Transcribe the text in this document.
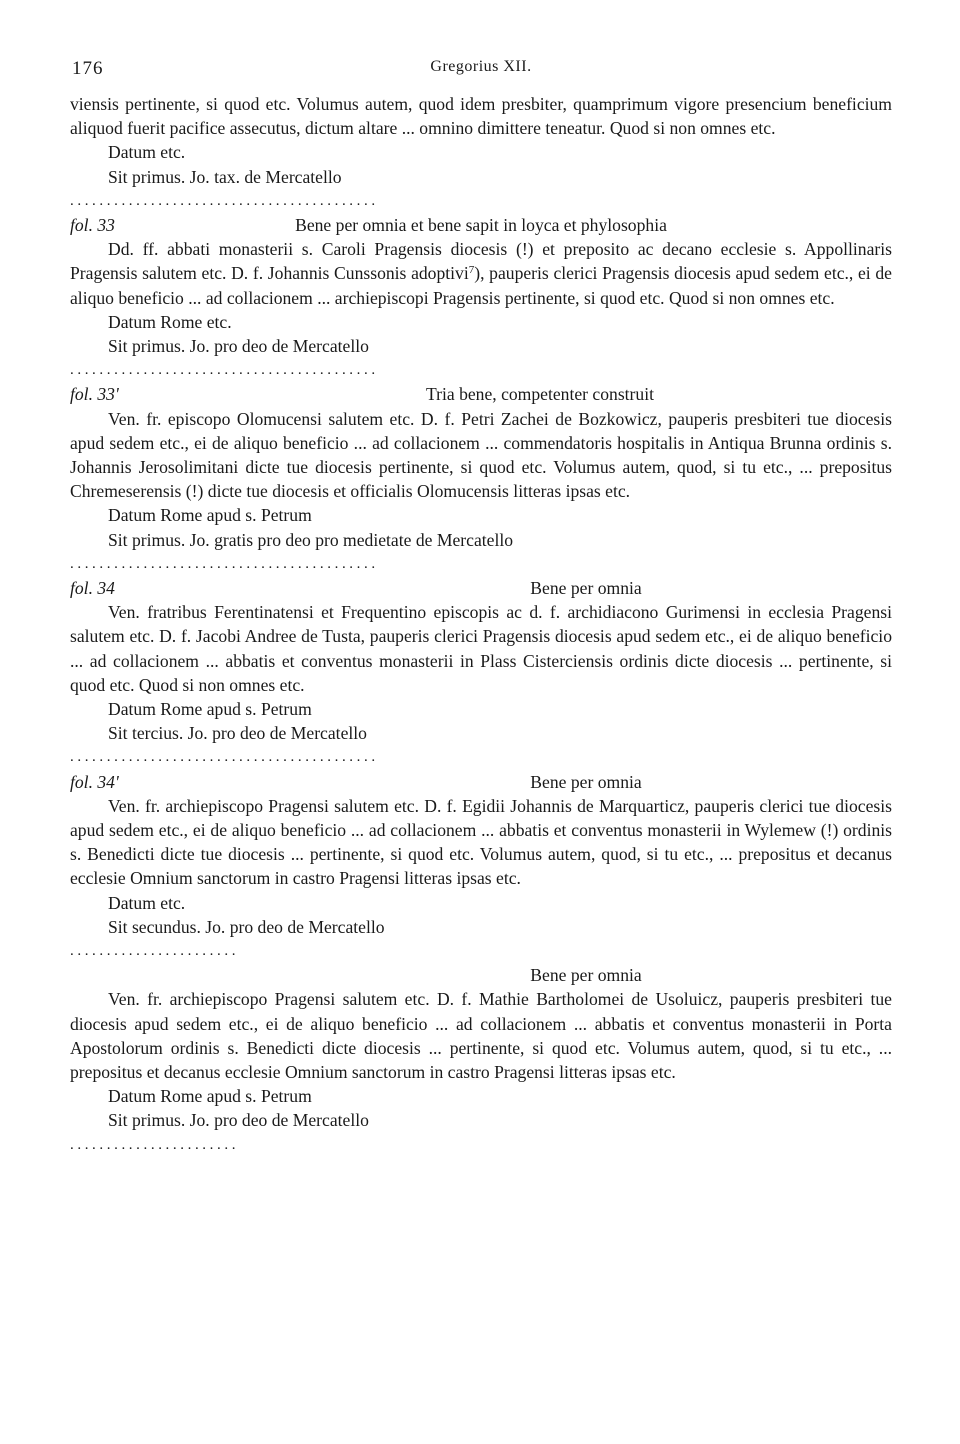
176	Gregorius XII.

viensis pertinente, si quod etc. Volumus autem, quod idem presbiter, quamprimum vigore presencium beneficium aliquod fuerit pacifice assecutus, dictum altare ... omnino dimittere teneatur. Quod si non omnes etc.

Datum etc.
Sit primus. Jo. tax. de Mercatello
..........................................
fol. 33	Bene per omnia et bene sapit in loyca et phylosophia

Dd. ff. abbati monasterii s. Caroli Pragensis diocesis (!) et preposito ac decano ecclesie s. Appollinaris Pragensis salutem etc. D. f. Johannis Cunssonis adoptivi$^7$), pauperis clerici Pragensis diocesis apud sedem etc., ei de aliquo beneficio ... ad collacionem ... archiepiscopi Pragensis pertinente, si quod etc. Quod si non omnes etc.

Datum Rome etc.
Sit primus. Jo. pro deo de Mercatello
..........................................
fol. 33'	Tria bene, competenter construit

Ven. fr. episcopo Olomucensi salutem etc. D. f. Petri Zachei de Bozkowicz, pauperis presbiteri tue diocesis apud sedem etc., ei de aliquo beneficio ... ad collacionem ... commendatoris hospitalis in Antiqua Brunna ordinis s. Johannis Jerosolimitani dicte tue diocesis pertinente, si quod etc. Volumus autem, quod, si tu etc., ... prepositus Chremeserensis (!) dicte tue diocesis et officialis Olomucensis litteras ipsas etc.

Datum Rome apud s. Petrum
Sit primus. Jo. gratis pro deo pro medietate de Mercatello
..........................................
fol. 34	Bene per omnia

Ven. fratribus Ferentinatensi et Frequentino episcopis ac d. f. archidiacono Gurimensi in ecclesia Pragensi salutem etc. D. f. Jacobi Andree de Tusta, pauperis clerici Pragensis diocesis apud sedem etc., ei de aliquo beneficio ... ad collacionem ... abbatis et conventus monasterii in Plass Cisterciensis ordinis dicte diocesis ... pertinente, si quod etc. Quod si non omnes etc.

Datum Rome apud s. Petrum
Sit tercius. Jo. pro deo de Mercatello
..........................................
fol. 34'	Bene per omnia

Ven. fr. archiepiscopo Pragensi salutem etc. D. f. Egidii Johannis de Marquarticz, pauperis clerici tue diocesis apud sedem etc., ei de aliquo beneficio ... ad collacionem ... abbatis et conventus monasterii in Wylemew (!) ordinis s. Benedicti dicte tue diocesis ... pertinente, si quod etc. Volumus autem, quod, si tu etc., ... prepositus et decanus ecclesie Omnium sanctorum in castro Pragensi litteras ipsas etc.

Datum etc.
Sit secundus. Jo. pro deo de Mercatello
.......................
Bene per omnia

Ven. fr. archiepiscopo Pragensi salutem etc. D. f. Mathie Bartholomei de Usoluicz, pauperis presbiteri tue diocesis apud sedem etc., ei de aliquo beneficio ... ad collacionem ... abbatis et conventus monasterii in Porta Apostolorum ordinis s. Benedicti dicte diocesis ... pertinente, si quod etc. Volumus autem, quod, si tu etc., ... prepositus et decanus ecclesie Omnium sanctorum in castro Pragensi litteras ipsas etc.

Datum Rome apud s. Petrum
Sit primus. Jo. pro deo de Mercatello
.......................
